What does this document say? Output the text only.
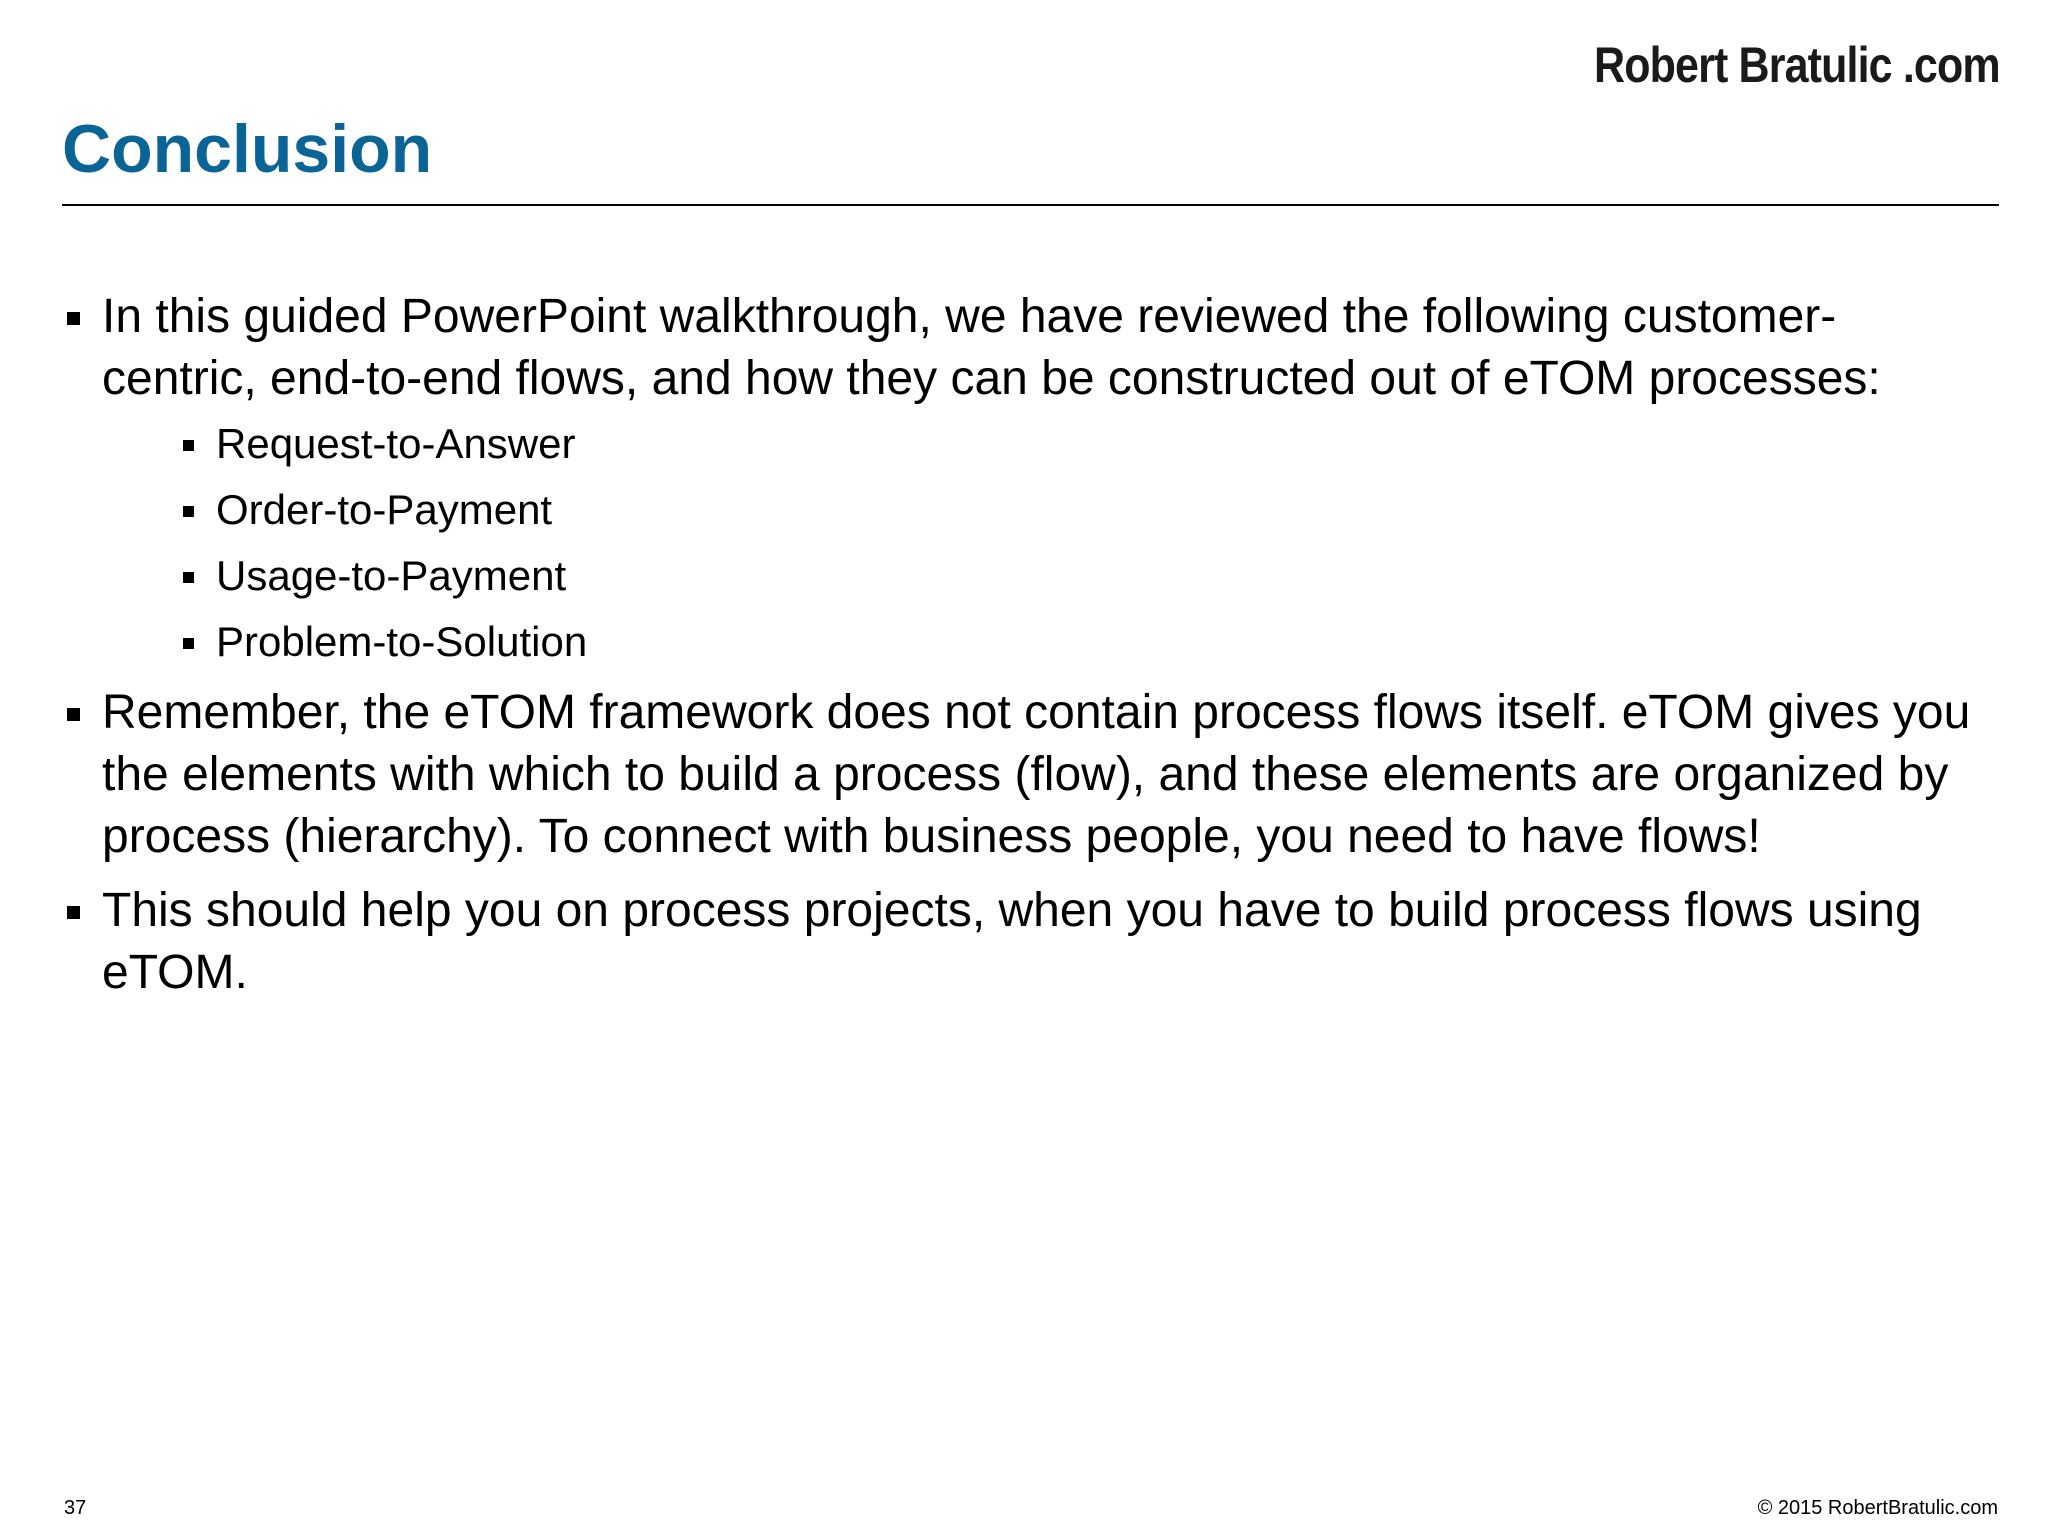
Robert Bratulic .com
Conclusion
In this guided PowerPoint walkthrough, we have reviewed the following customer-centric, end-to-end flows, and how they can be constructed out of eTOM processes:
Request-to-Answer
Order-to-Payment
Usage-to-Payment
Problem-to-Solution
Remember, the eTOM framework does not contain process flows itself. eTOM gives you the elements with which to build a process (flow), and these elements are organized by process (hierarchy). To connect with business people, you need to have flows!
This should help you on process projects, when you have to build process flows using eTOM.
37	© 2015 RobertBratulic.com
